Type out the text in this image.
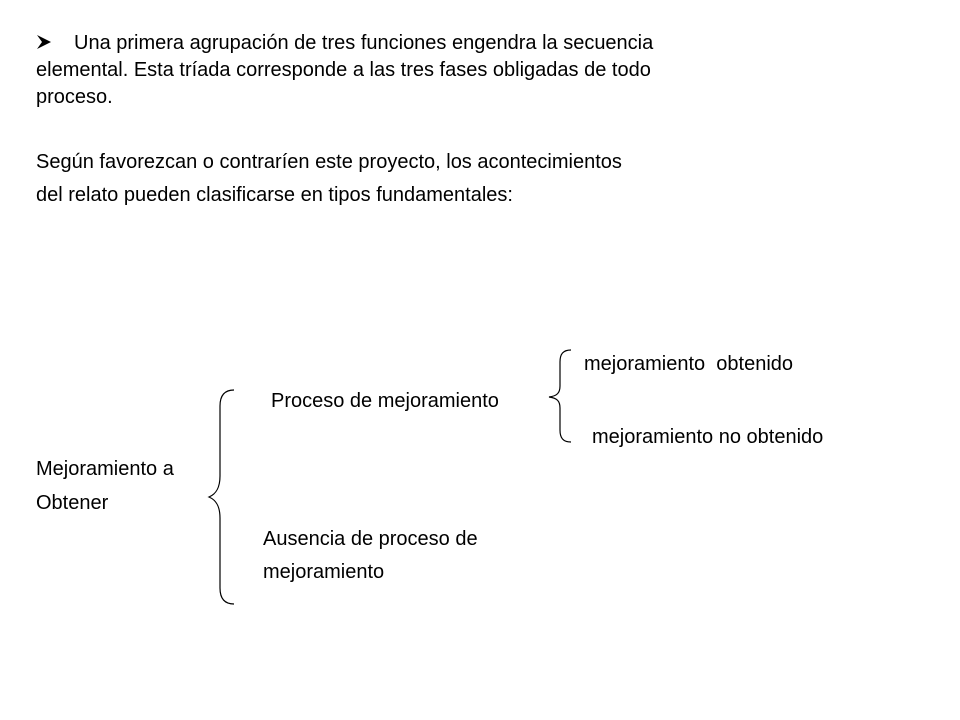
Una primera agrupación de tres funciones engendra la secuencia
elemental. Esta tríada corresponde a las tres fases obligadas de todo
proceso.
Según favorezcan o contraríen este proyecto, los acontecimientos
del relato pueden clasificarse en tipos fundamentales:
Mejoramiento a
Obtener
Proceso de mejoramiento
mejoramiento  obtenido
mejoramiento no obtenido
Ausencia de proceso de
mejoramiento
